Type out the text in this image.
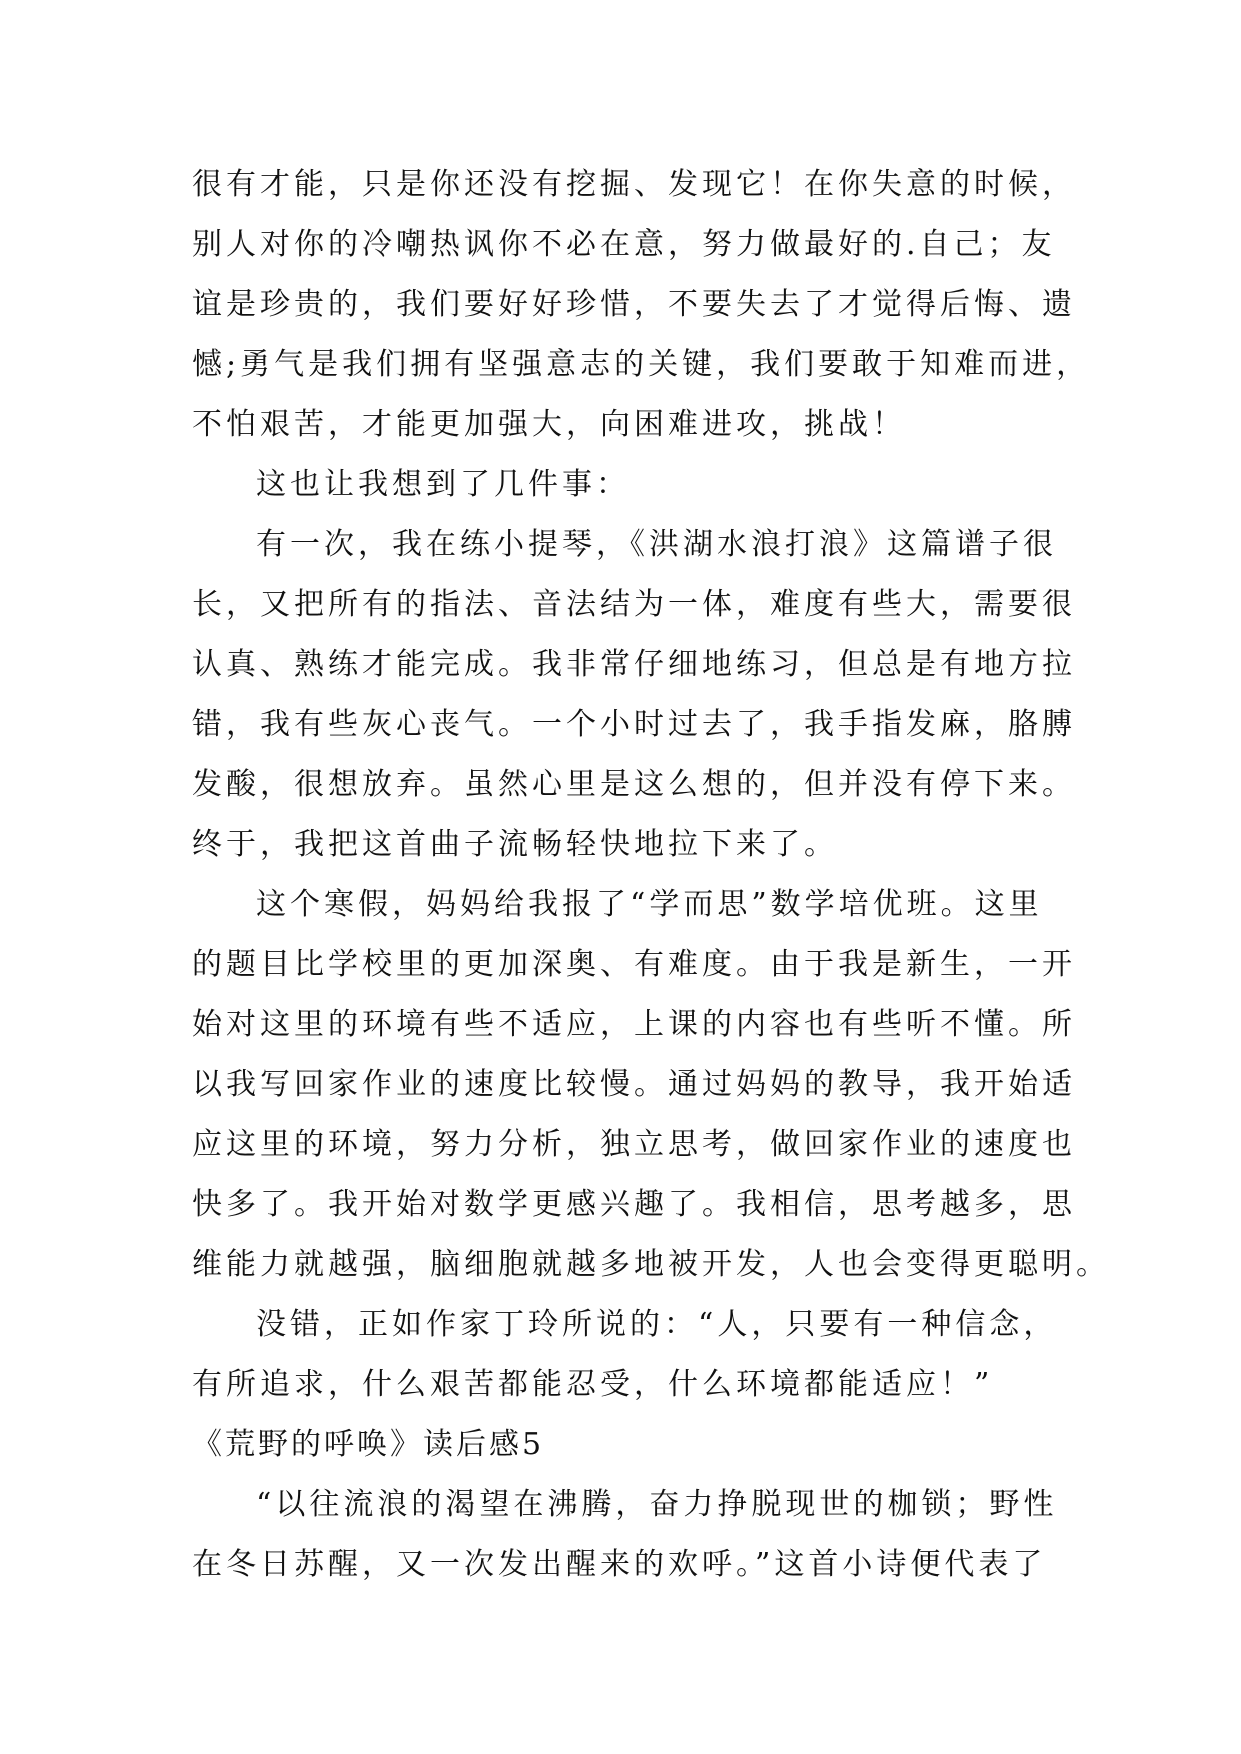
很有才能，只是你还没有挖掘、发现它！在你失意的时候，
别人对你的冷嘲热讽你不必在意，努力做最好的.自己；友
谊是珍贵的，我们要好好珍惜，不要失去了才觉得后悔、遗
憾;勇气是我们拥有坚强意志的关键，我们要敢于知难而进，
不怕艰苦，才能更加强大，向困难进攻，挑战！
这也让我想到了几件事：
有一次，我在练小提琴，《洪湖水浪打浪》这篇谱子很
长，又把所有的指法、音法结为一体，难度有些大，需要很
认真、熟练才能完成。我非常仔细地练习，但总是有地方拉
错，我有些灰心丧气。一个小时过去了，我手指发麻，胳膊
发酸，很想放弃。虽然心里是这么想的，但并没有停下来。
终于，我把这首曲子流畅轻快地拉下来了。
这个寒假，妈妈给我报了“学而思”数学培优班。这里
的题目比学校里的更加深奥、有难度。由于我是新生，一开
始对这里的环境有些不适应，上课的内容也有些听不懂。所
以我写回家作业的速度比较慢。通过妈妈的教导，我开始适
应这里的环境，努力分析，独立思考，做回家作业的速度也
快多了。我开始对数学更感兴趣了。我相信，思考越多，思
维能力就越强，脑细胞就越多地被开发，人也会变得更聪明。
没错，正如作家丁玲所说的：“人，只要有一种信念，
有所追求，什么艰苦都能忍受，什么环境都能适应！”
《荒野的呼唤》读后感5
“以往流浪的渴望在沸腾，奋力挣脱现世的枷锁；野性
在冬日苏醒，又一次发出醒来的欢呼。”这首小诗便代表了
